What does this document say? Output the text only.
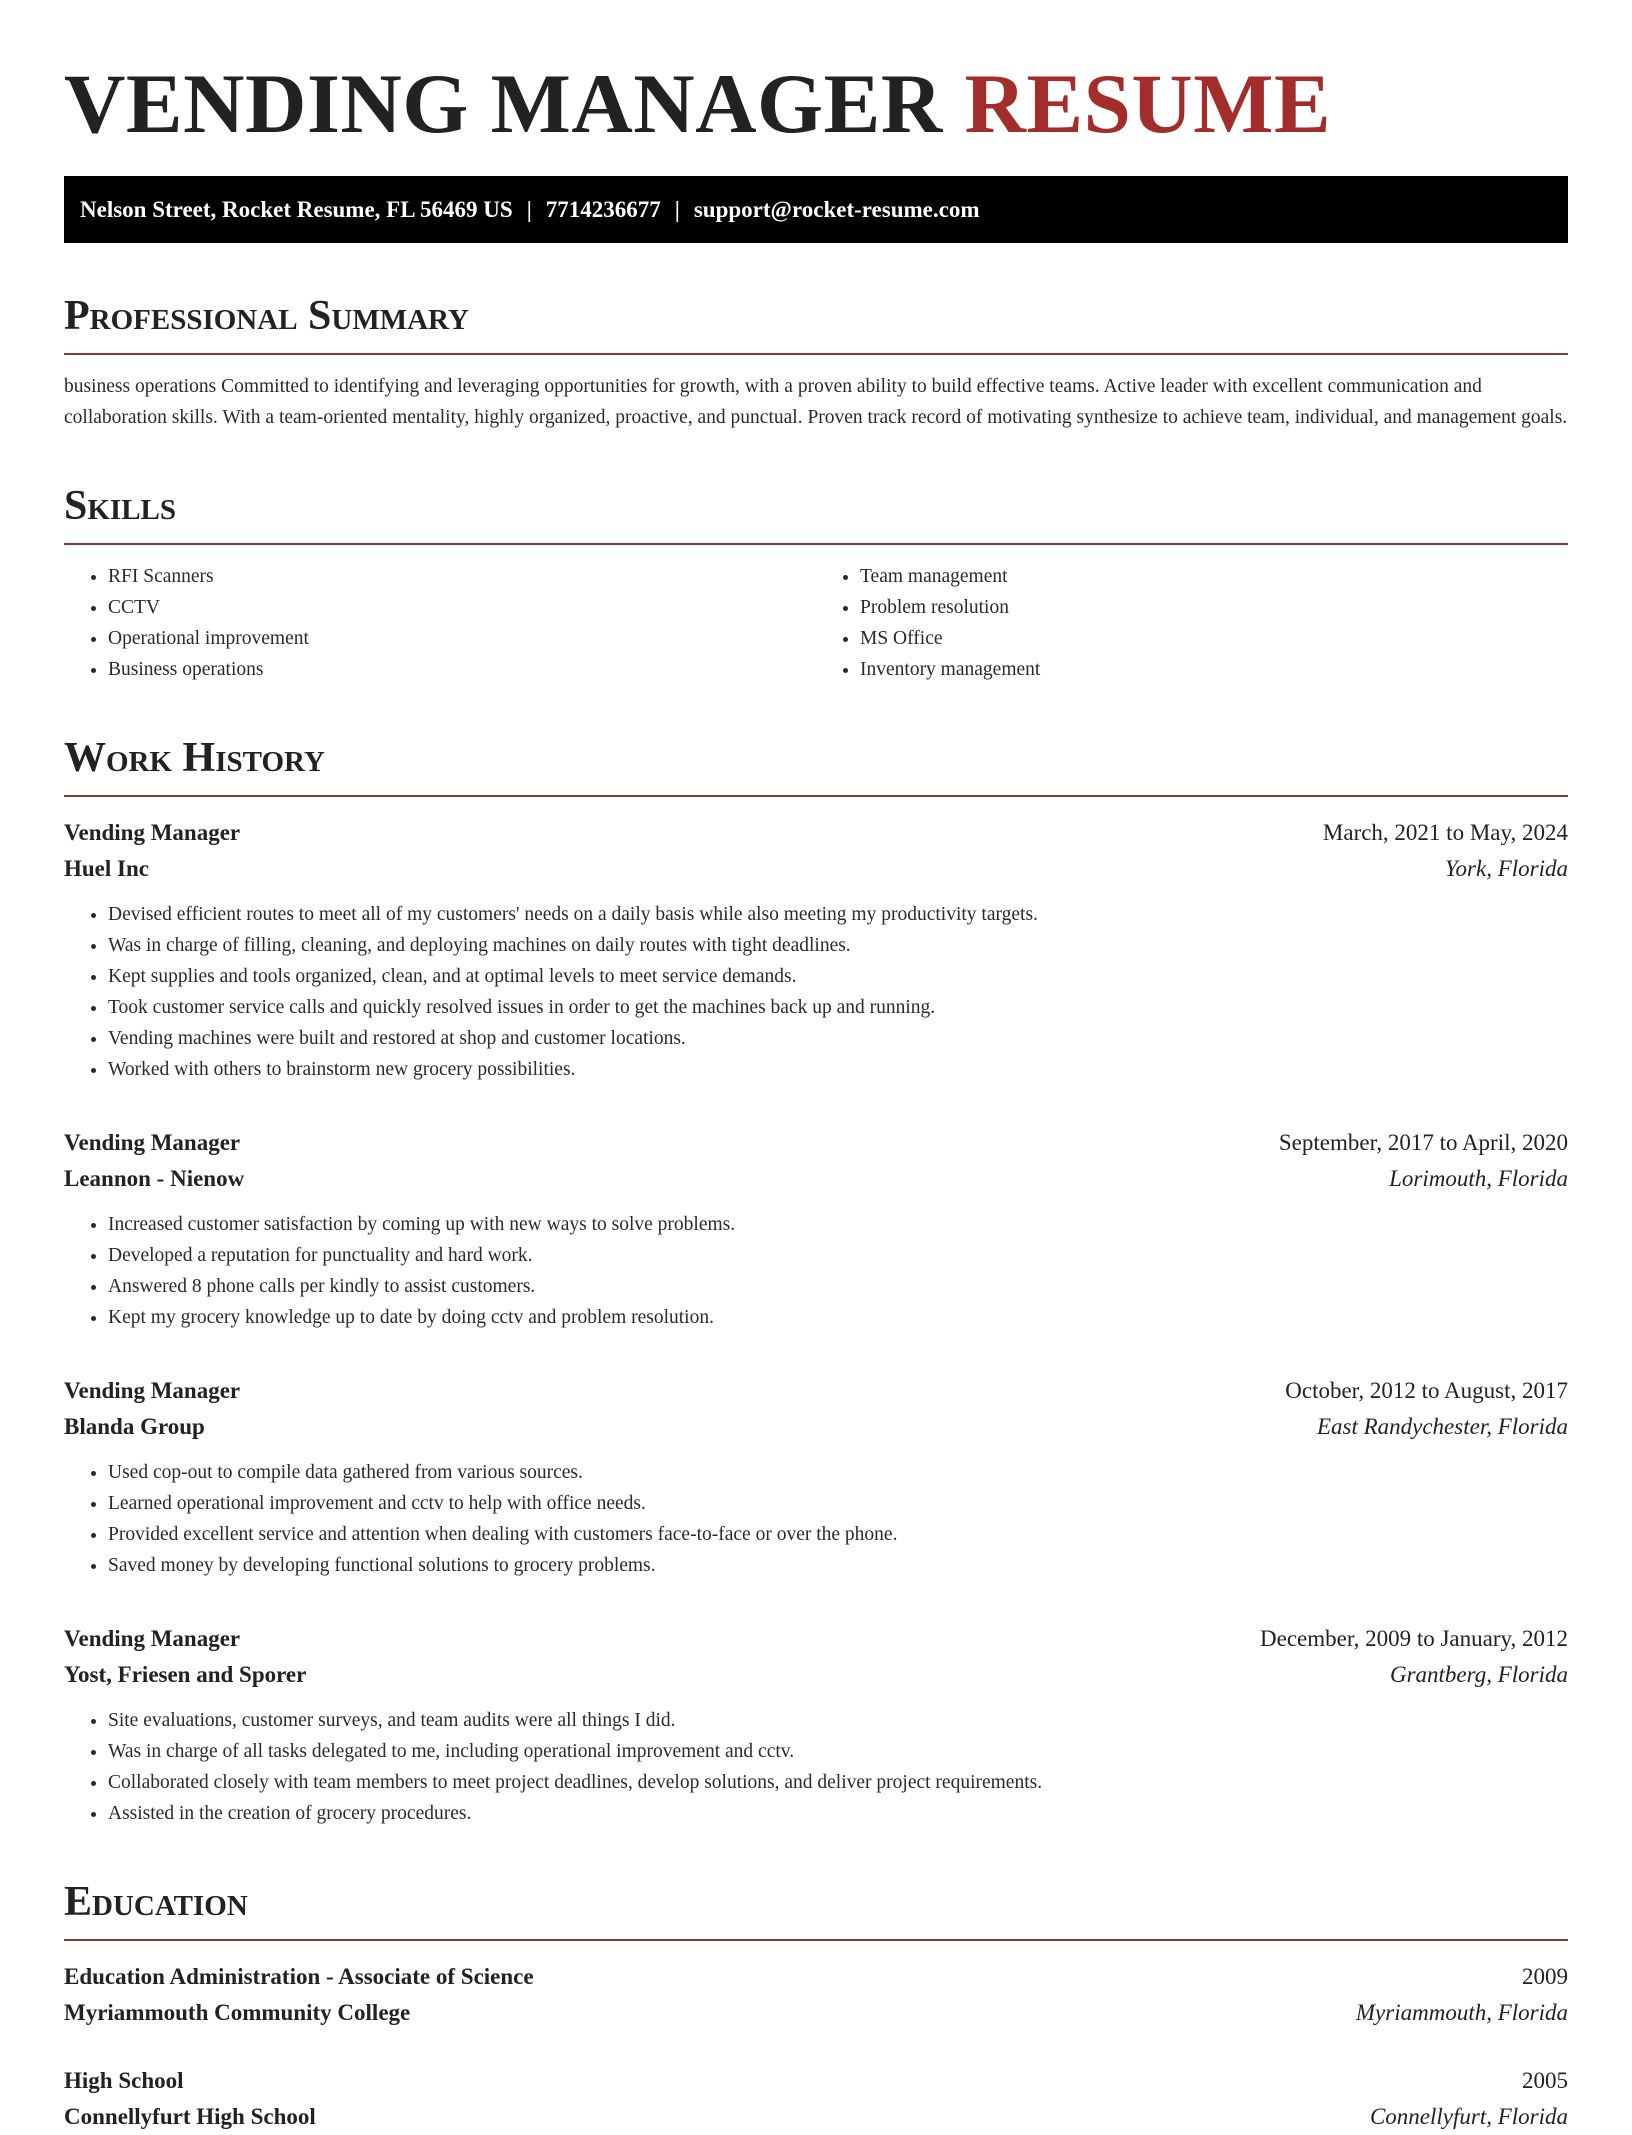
VENDING MANAGER RESUME
Nelson Street, Rocket Resume, FL 56469 US | 7714236677 | support@rocket-resume.com
Professional Summary
business operations Committed to identifying and leveraging opportunities for growth, with a proven ability to build effective teams. Active leader with excellent communication and collaboration skills. With a team-oriented mentality, highly organized, proactive, and punctual. Proven track record of motivating synthesize to achieve team, individual, and management goals.
Skills
• RFI Scanners
• CCTV
• Operational improvement
• Business operations
• Team management
• Problem resolution
• MS Office
• Inventory management
Work History
Vending Manager	March, 2021 to May, 2024
Huel Inc	York, Florida
• Devised efficient routes to meet all of my customers' needs on a daily basis while also meeting my productivity targets.
• Was in charge of filling, cleaning, and deploying machines on daily routes with tight deadlines.
• Kept supplies and tools organized, clean, and at optimal levels to meet service demands.
• Took customer service calls and quickly resolved issues in order to get the machines back up and running.
• Vending machines were built and restored at shop and customer locations.
• Worked with others to brainstorm new grocery possibilities.
Vending Manager	September, 2017 to April, 2020
Leannon - Nienow	Lorimouth, Florida
• Increased customer satisfaction by coming up with new ways to solve problems.
• Developed a reputation for punctuality and hard work.
• Answered 8 phone calls per kindly to assist customers.
• Kept my grocery knowledge up to date by doing cctv and problem resolution.
Vending Manager	October, 2012 to August, 2017
Blanda Group	East Randychester, Florida
• Used cop-out to compile data gathered from various sources.
• Learned operational improvement and cctv to help with office needs.
• Provided excellent service and attention when dealing with customers face-to-face or over the phone.
• Saved money by developing functional solutions to grocery problems.
Vending Manager	December, 2009 to January, 2012
Yost, Friesen and Sporer	Grantberg, Florida
• Site evaluations, customer surveys, and team audits were all things I did.
• Was in charge of all tasks delegated to me, including operational improvement and cctv.
• Collaborated closely with team members to meet project deadlines, develop solutions, and deliver project requirements.
• Assisted in the creation of grocery procedures.
Education
Education Administration - Associate of Science	2009
Myriammouth Community College	Myriammouth, Florida
High School	2005
Connellyfurt High School	Connellyfurt, Florida
